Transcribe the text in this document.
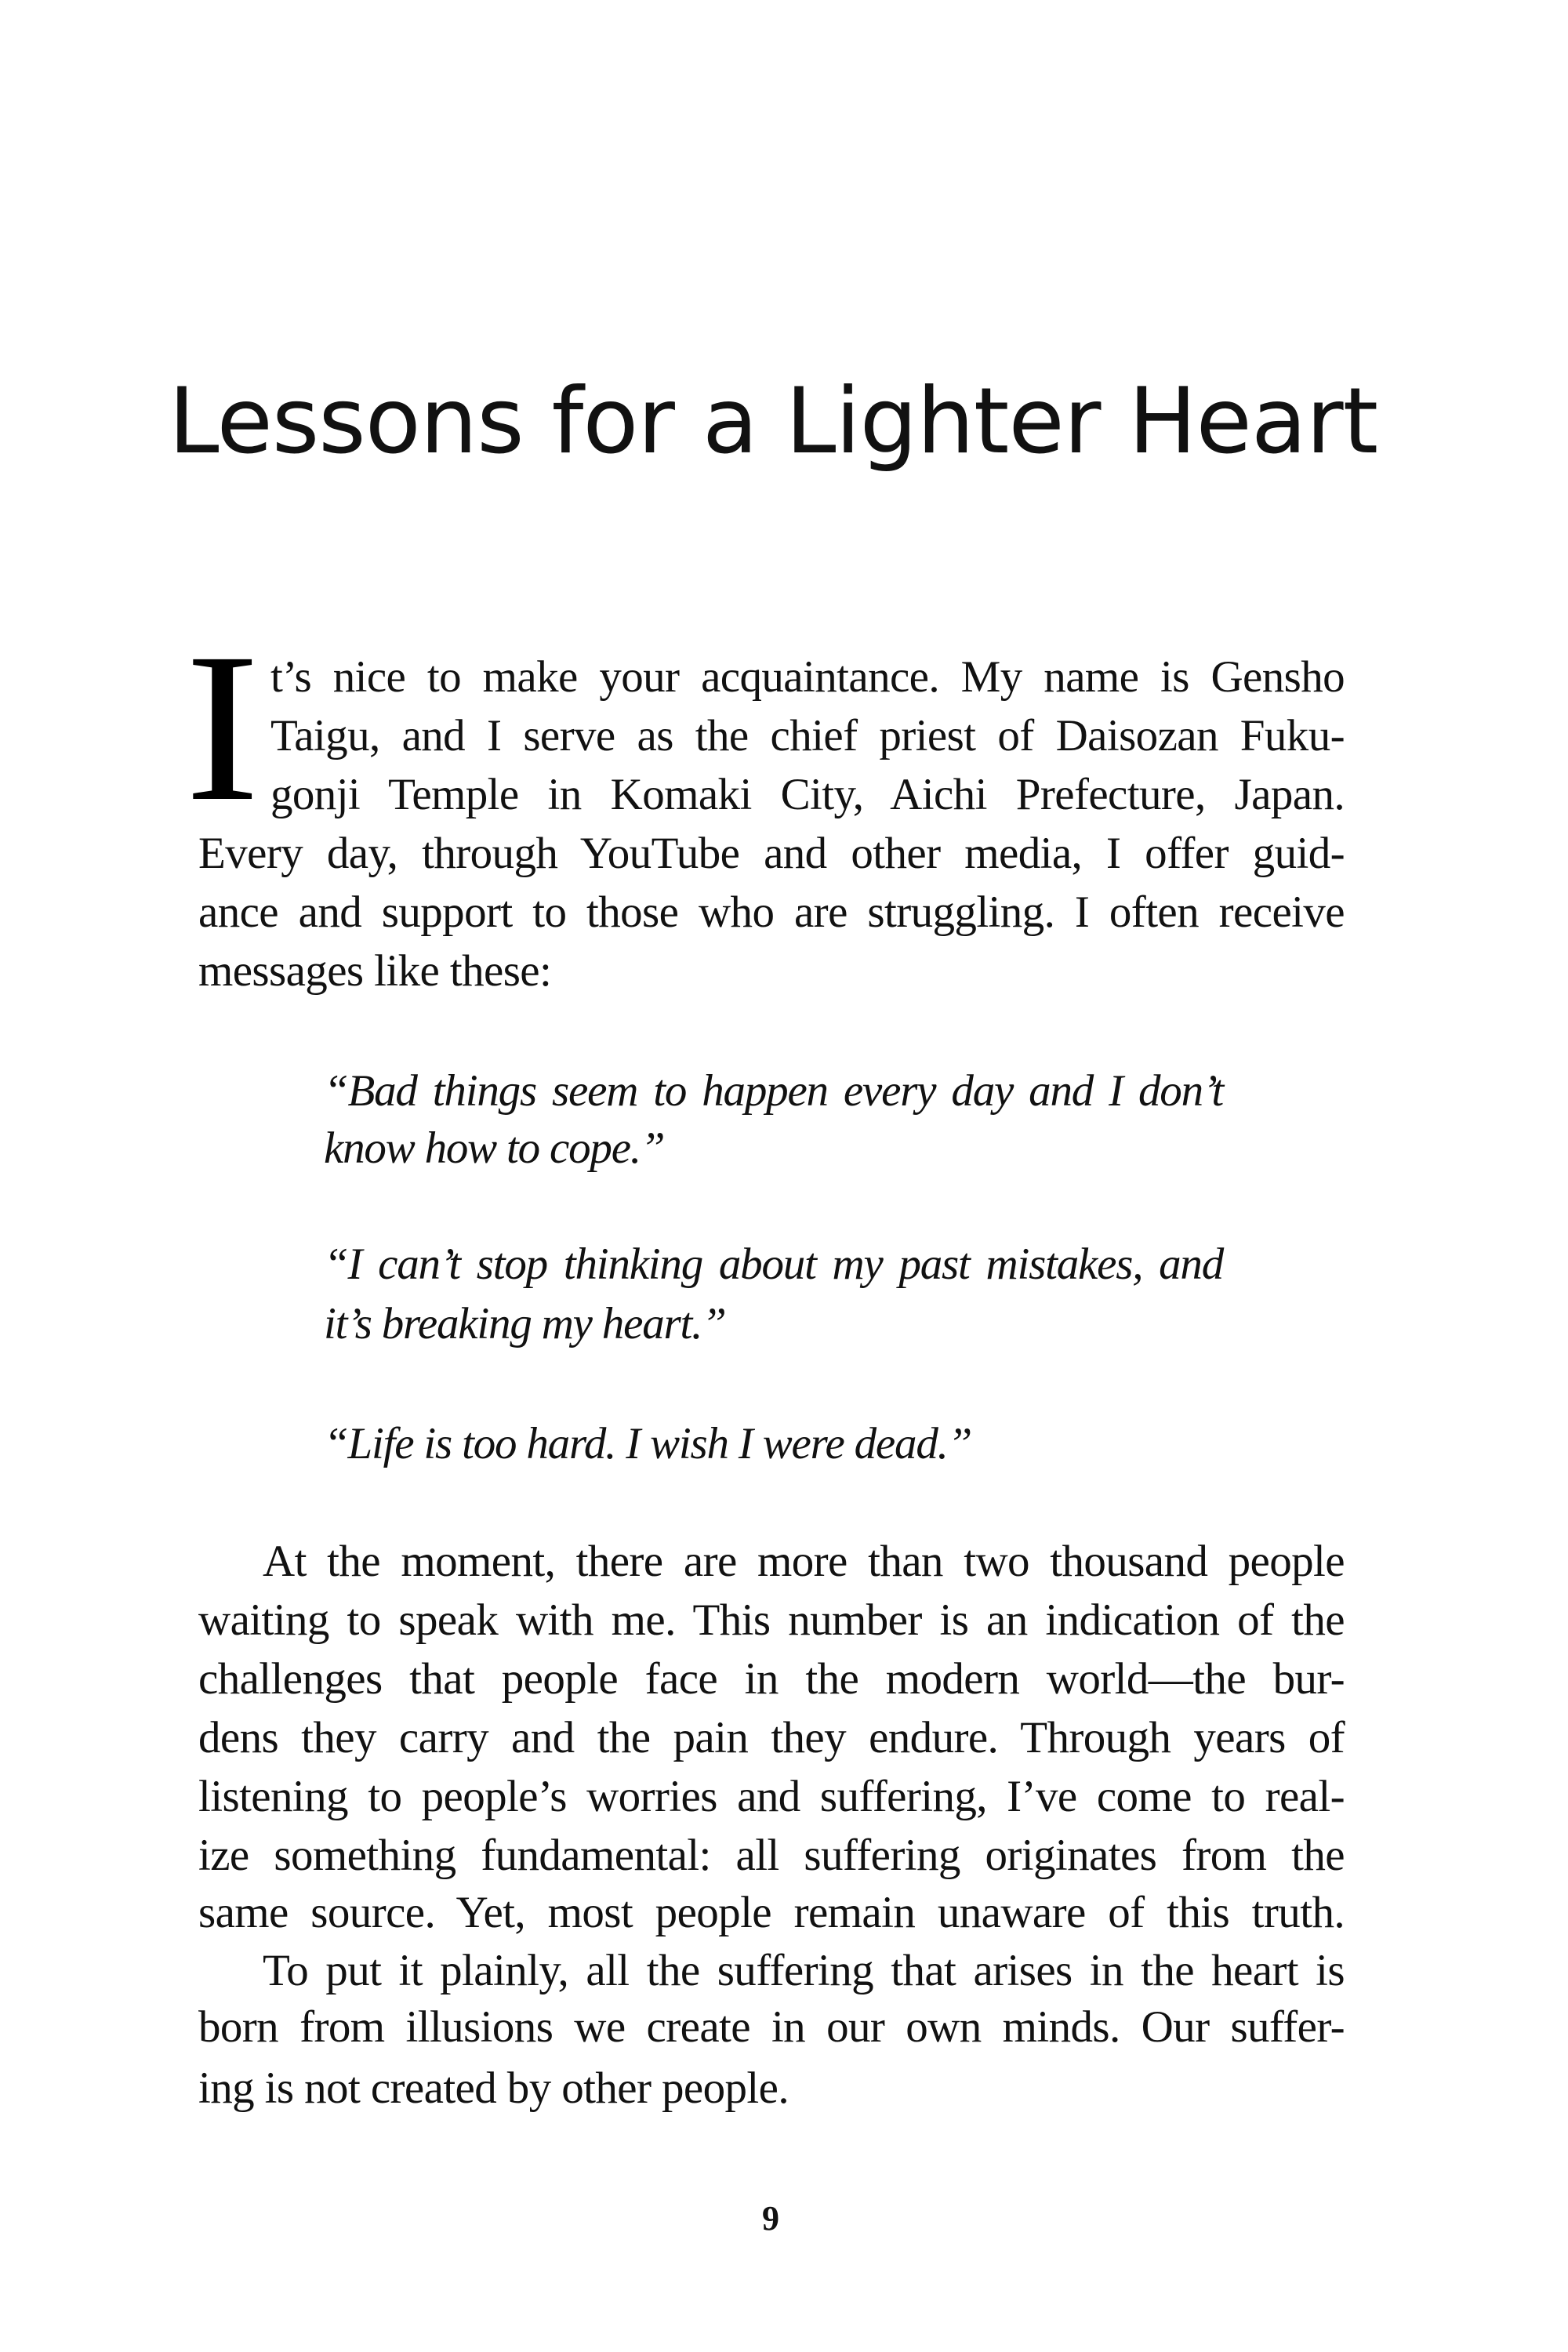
Lessons for a Lighter Heart
I t’s nice to make your acquaintance. My name is Gensho
Taigu, and I serve as the chief priest of Daisozan Fuku-
gonji Temple in Komaki City, Aichi Prefecture, Japan.
Every day, through YouTube and other media, I offer guid-
ance and support to those who are struggling. I often receive
messages like these:
“Bad things seem to happen every day and I don’t
know how to cope.”
“I can’t stop thinking about my past mistakes, and
it’s breaking my heart.”
“Life is too hard. I wish I were dead.”
At the moment, there are more than two thousand people
waiting to speak with me. This number is an indication of the
challenges that people face in the modern world—the bur-
dens they carry and the pain they endure. Through years of
listening to people’s worries and suffering, I’ve come to real-
ize something fundamental: all suffering originates from the
same source. Yet, most people remain unaware of this truth.
To put it plainly, all the suffering that arises in the heart is
born from illusions we create in our own minds. Our suffer-
ing is not created by other people.
9
